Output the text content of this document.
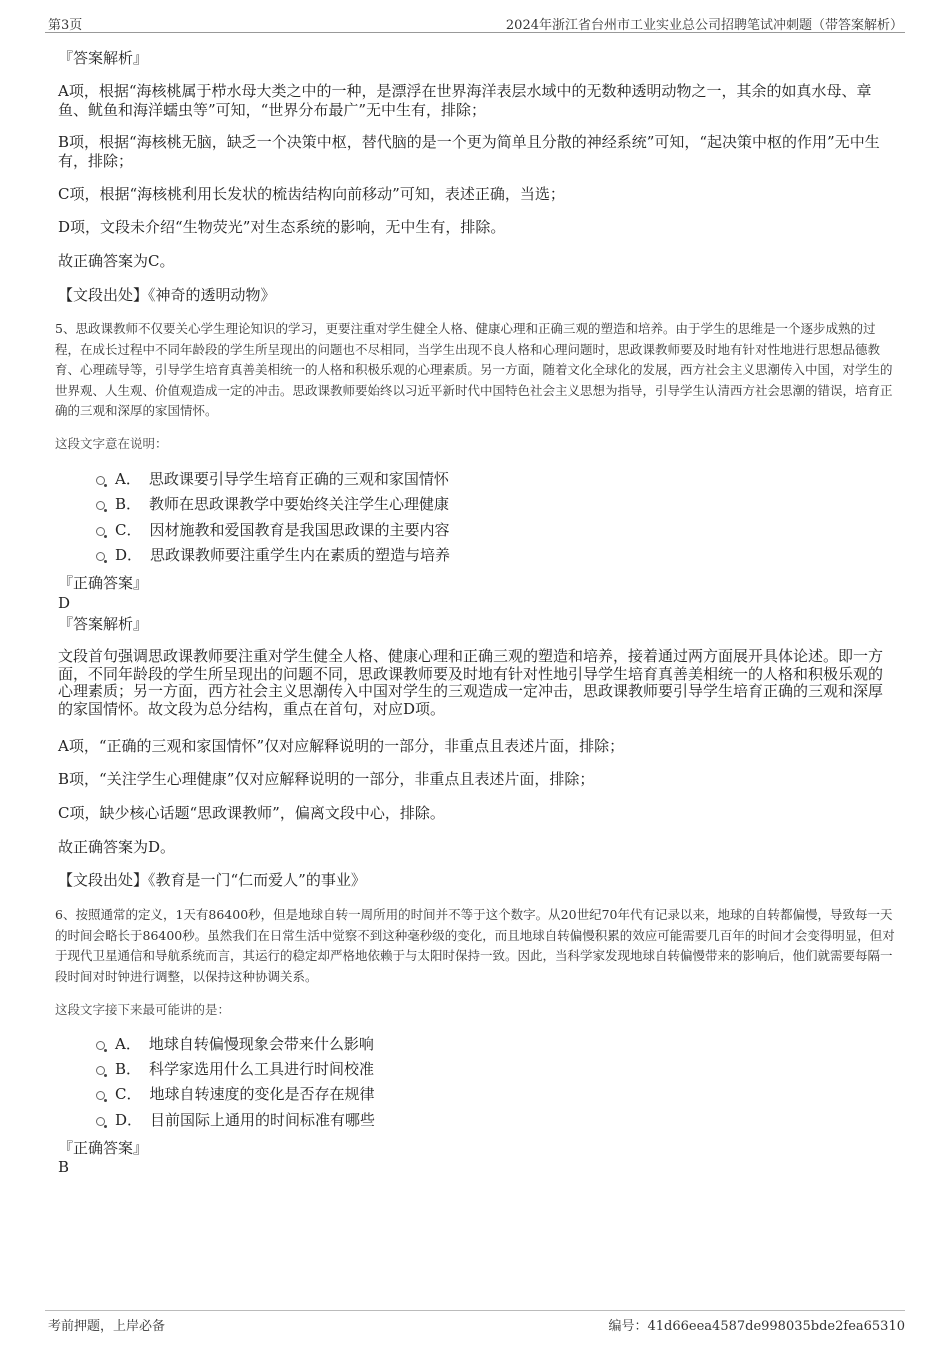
第3页	2024年浙江省台州市工业实业总公司招聘笔试冲刺题（带答案解析）
『答案解析』
A项，根据“海核桃属于栉水母大类之中的一种，是漂浮在世界海洋表层水域中的无数种透明动物之一，其余的如真水母、章鱼、鱿鱼和海洋蠕虫等”可知，“世界分布最广”无中生有，排除；
B项，根据“海核桃无脑，缺乏一个决策中枢，替代脑的是一个更为简单且分散的神经系统”可知，“起决策中枢的作用”无中生有，排除；
C项，根据“海核桃利用长发状的梳齿结构向前移动”可知，表述正确，当选；
D项，文段未介绍“生物荧光”对生态系统的影响，无中生有，排除。
故正确答案为C。
【文段出处】《神奇的透明动物》
5、思政课教师不仅要关心学生理论知识的学习，更要注重对学生健全人格、健康心理和正确三观的塑造和培养。由于学生的思维是一个逐步成熟的过程，在成长过程中不同年龄段的学生所呈现出的问题也不尽相同，当学生出现不良人格和心理问题时，思政课教师要及时地有针对性地进行思想品德教育、心理疏导等，引导学生培育真善美相统一的人格和积极乐观的心理素质。另一方面，随着文化全球化的发展，西方社会主义思潮传入中国，对学生的世界观、人生观、价值观造成一定的冲击。思政课教师要始终以习近平新时代中国特色社会主义思想为指导，引导学生认清西方社会思潮的错误，培育正确的三观和深厚的家国情怀。
这段文字意在说明：
A． 思政课要引导学生培育正确的三观和家国情怀
B． 教师在思政课教学中要始终关注学生心理健康
C． 因材施教和爱国教育是我国思政课的主要内容
D． 思政课教师要注重学生内在素质的塑造与培养
『正确答案』
D
『答案解析』
文段首句强调思政课教师要注重对学生健全人格、健康心理和正确三观的塑造和培养，接着通过两方面展开具体论述。即一方面，不同年龄段的学生所呈现出的问题不同，思政课教师要及时地有针对性地引导学生培育真善美相统一的人格和积极乐观的心理素质；另一方面，西方社会主义思潮传入中国对学生的三观造成一定冲击，思政课教师要引导学生培育正确的三观和深厚的家国情怀。故文段为总分结构，重点在首句，对应D项。
A项，“正确的三观和家国情怀”仅对应解释说明的一部分，非重点且表述片面，排除；
B项，“关注学生心理健康”仅对应解释说明的一部分，非重点且表述片面，排除；
C项，缺少核心话题“思政课教师”，偏离文段中心，排除。
故正确答案为D。
【文段出处】《教育是一门“仁而爱人”的事业》
6、按照通常的定义，1天有86400秒，但是地球自转一周所用的时间并不等于这个数字。从20世纪70年代有记录以来，地球的自转都偏慢，导致每一天的时间会略长于86400秒。虽然我们在日常生活中觉察不到这种毫秒级的变化，而且地球自转偏慢积累的效应可能需要几百年的时间才会变得明显，但对于现代卫星通信和导航系统而言，其运行的稳定却严格地依赖于与太阳时保持一致。因此，当科学家发现地球自转偏慢带来的影响后，他们就需要每隔一段时间对时钟进行调整，以保持这种协调关系。
这段文字接下来最可能讲的是：
A． 地球自转偏慢现象会带来什么影响
B． 科学家选用什么工具进行时间校准
C． 地球自转速度的变化是否存在规律
D． 目前国际上通用的时间标准有哪些
『正确答案』
B
考前押题，上岸必备	编号：41d66eea4587de998035bde2fea65310
